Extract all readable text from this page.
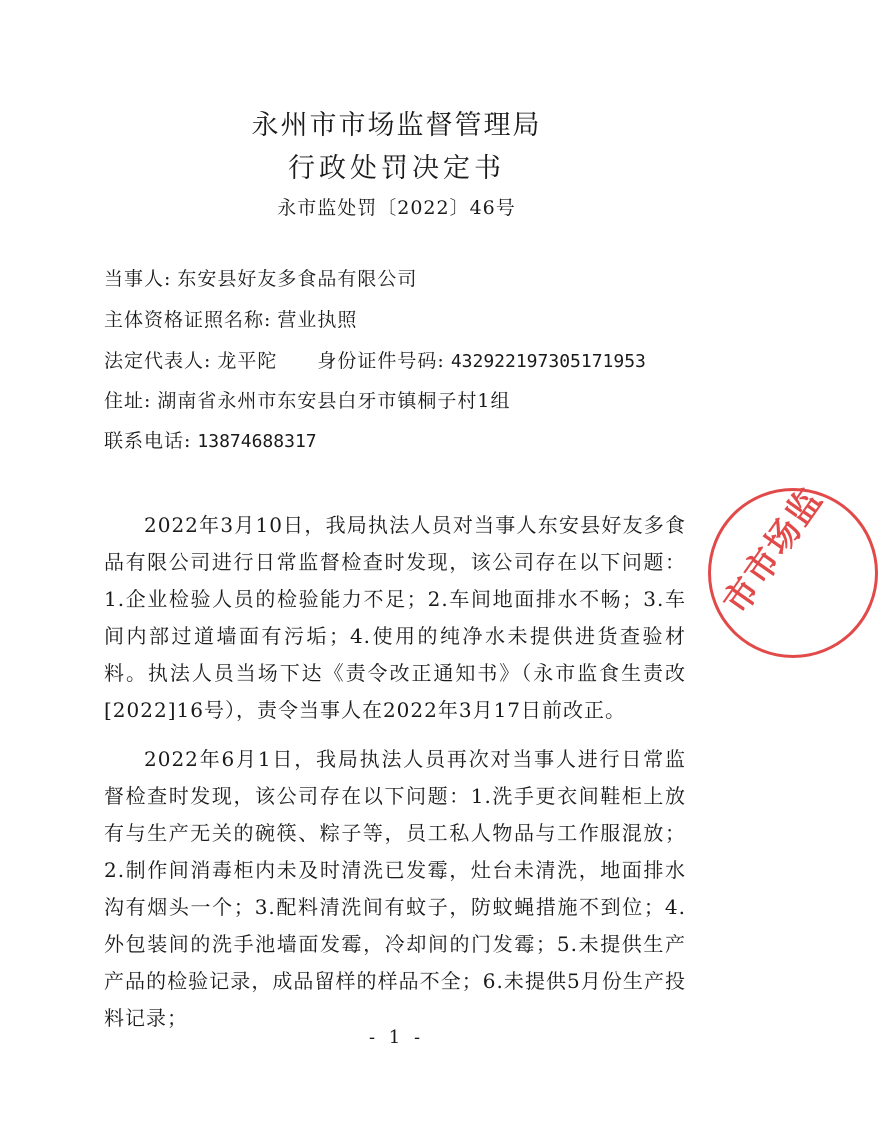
永州市市场监督管理局
行政处罚决定书
永市监处罚〔2022〕46号
当事人: 东安县好友多食品有限公司
主体资格证照名称: 营业执照
法定代表人: 龙平陀 身份证件号码: 432922197305171953
住址: 湖南省永州市东安县白牙市镇桐子村1组
联系电话: 13874688317

2022年3月10日，我局执法人员对当事人东安县好友多食品有限公司进行日常监督检查时发现，该公司存在以下问题：1.企业检验人员的检验能力不足；2.车间地面排水不畅；3.车间内部过道墙面有污垢；4.使用的纯净水未提供进货查验材料。执法人员当场下达《责令改正通知书》（永市监食生责改[2022]16号），责令当事人在2022年3月17日前改正。

2022年6月1日，我局执法人员再次对当事人进行日常监督检查时发现，该公司存在以下问题：1.洗手更衣间鞋柜上放有与生产无关的碗筷、粽子等，员工私人物品与工作服混放；2.制作间消毒柜内未及时清洗已发霉，灶台未清洗，地面排水沟有烟头一个；3.配料清洗间有蚊子，防蚊蝇措施不到位；4.外包装间的洗手池墙面发霉，冷却间的门发霉；5.未提供生产产品的检验记录，成品留样的样品不全；6.未提供5月份生产投料记录；

- 1 -
市市场监
